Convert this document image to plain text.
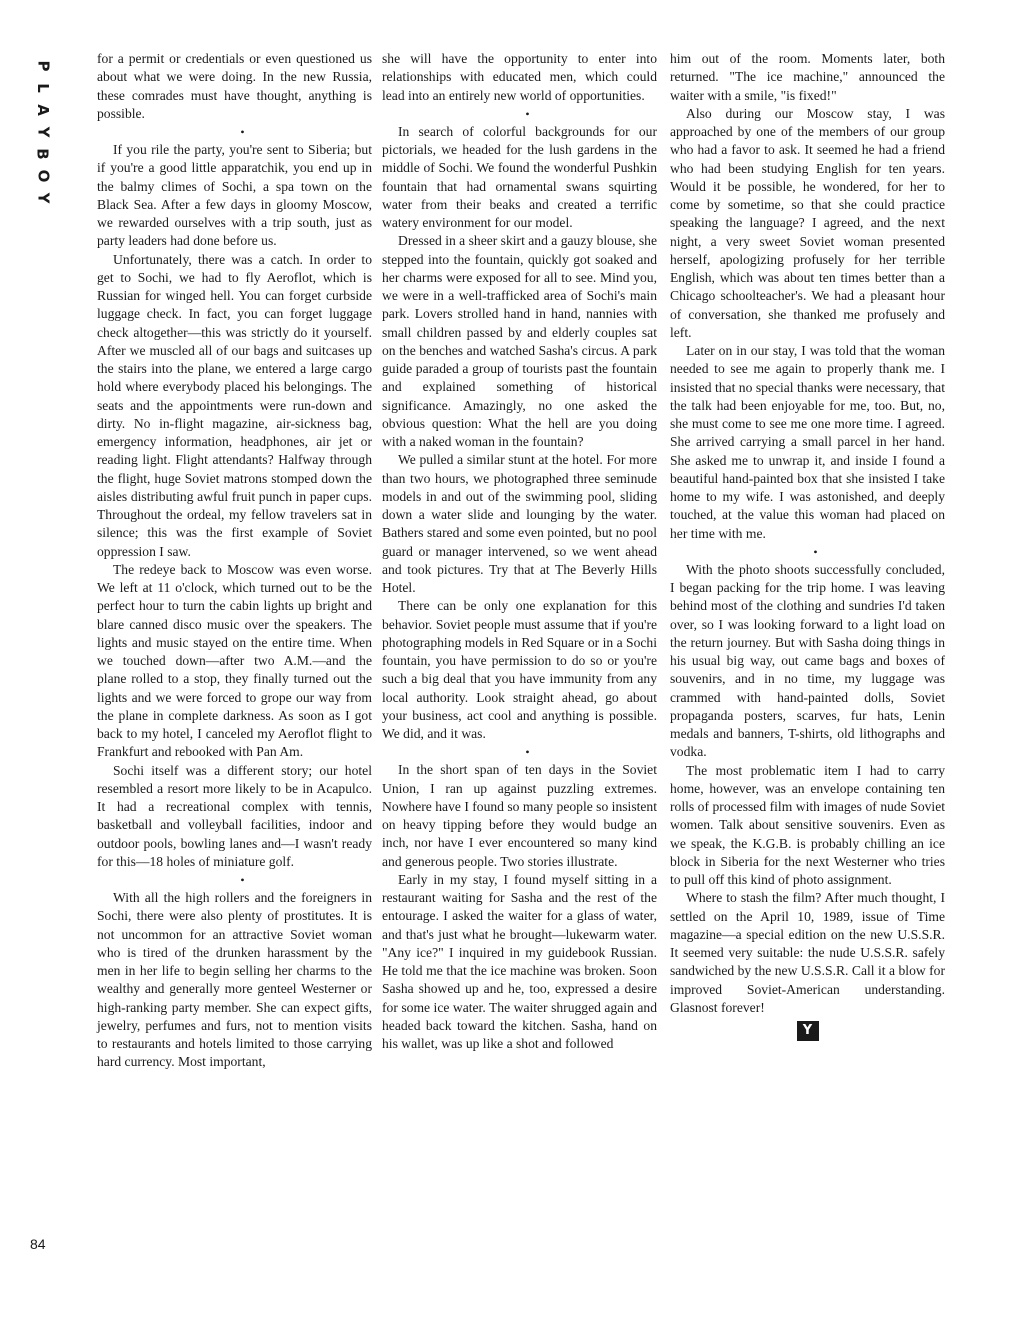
P
L
A
Y
B
O
Y
84

for a permit or credentials or even questioned us about what we were doing. In the new Russia, these comrades must have thought, anything is possible.

•

If you rile the party, you're sent to Siberia; but if you're a good little apparatchik, you end up in the balmy climes of Sochi, a spa town on the Black Sea. After a few days in gloomy Moscow, we rewarded ourselves with a trip south, just as party leaders had done before us.

Unfortunately, there was a catch. In order to get to Sochi, we had to fly Aeroflot, which is Russian for winged hell. You can forget curbside luggage check. In fact, you can forget luggage check altogether—this was strictly do it yourself. After we muscled all of our bags and suitcases up the stairs into the plane, we entered a large cargo hold where everybody placed his belongings. The seats and the appointments were run-down and dirty. No in-flight magazine, air-sickness bag, emergency information, headphones, air jet or reading light. Flight attendants? Halfway through the flight, huge Soviet matrons stomped down the aisles distributing awful fruit punch in paper cups. Throughout the ordeal, my fellow travelers sat in silence; this was the first example of Soviet oppression I saw.

The redeye back to Moscow was even worse. We left at 11 o'clock, which turned out to be the perfect hour to turn the cabin lights up bright and blare canned disco music over the speakers. The lights and music stayed on the entire time. When we touched down—after two A.M.—and the plane rolled to a stop, they finally turned out the lights and we were forced to grope our way from the plane in complete darkness. As soon as I got back to my hotel, I canceled my Aeroflot flight to Frankfurt and rebooked with Pan Am.

Sochi itself was a different story; our hotel resembled a resort more likely to be in Acapulco. It had a recreational complex with tennis, basketball and volleyball facilities, indoor and outdoor pools, bowling lanes and—I wasn't ready for this—18 holes of miniature golf.

•

With all the high rollers and the foreigners in Sochi, there were also plenty of prostitutes. It is not uncommon for an attractive Soviet woman who is tired of the drunken harassment by the men in her life to begin selling her charms to the wealthy and generally more genteel Westerner or high-ranking party member. She can expect gifts, jewelry, perfumes and furs, not to mention visits to restaurants and hotels limited to those carrying hard currency. Most important,

she will have the opportunity to enter into relationships with educated men, which could lead into an entirely new world of opportunities.

•

In search of colorful backgrounds for our pictorials, we headed for the lush gardens in the middle of Sochi. We found the wonderful Pushkin fountain that had ornamental swans squirting water from their beaks and created a terrific watery environment for our model.

Dressed in a sheer skirt and a gauzy blouse, she stepped into the fountain, quickly got soaked and her charms were exposed for all to see. Mind you, we were in a well-trafficked area of Sochi's main park. Lovers strolled hand in hand, nannies with small children passed by and elderly couples sat on the benches and watched Sasha's circus. A park guide paraded a group of tourists past the fountain and explained something of historical significance. Amazingly, no one asked the obvious question: What the hell are you doing with a naked woman in the fountain?

We pulled a similar stunt at the hotel. For more than two hours, we photographed three seminude models in and out of the swimming pool, sliding down a water slide and lounging by the water. Bathers stared and some even pointed, but no pool guard or manager intervened, so we went ahead and took pictures. Try that at The Beverly Hills Hotel.

There can be only one explanation for this behavior. Soviet people must assume that if you're photographing models in Red Square or in a Sochi fountain, you have permission to do so or you're such a big deal that you have immunity from any local authority. Look straight ahead, go about your business, act cool and anything is possible. We did, and it was.

•

In the short span of ten days in the Soviet Union, I ran up against puzzling extremes. Nowhere have I found so many people so insistent on heavy tipping before they would budge an inch, nor have I ever encountered so many kind and generous people. Two stories illustrate.

Early in my stay, I found myself sitting in a restaurant waiting for Sasha and the rest of the entourage. I asked the waiter for a glass of water, and that's just what he brought—lukewarm water. "Any ice?" I inquired in my guidebook Russian. He told me that the ice machine was broken. Soon Sasha showed up and he, too, expressed a desire for some ice water. The waiter shrugged again and headed back toward the kitchen. Sasha, hand on his wallet, was up like a shot and followed

him out of the room. Moments later, both returned. "The ice machine," announced the waiter with a smile, "is fixed!"

Also during our Moscow stay, I was approached by one of the members of our group who had a favor to ask. It seemed he had a friend who had been studying English for ten years. Would it be possible, he wondered, for her to come by sometime, so that she could practice speaking the language? I agreed, and the next night, a very sweet Soviet woman presented herself, apologizing profusely for her terrible English, which was about ten times better than a Chicago schoolteacher's. We had a pleasant hour of conversation, she thanked me profusely and left.

Later on in our stay, I was told that the woman needed to see me again to properly thank me. I insisted that no special thanks were necessary, that the talk had been enjoyable for me, too. But, no, she must come to see me one more time. I agreed. She arrived carrying a small parcel in her hand. She asked me to unwrap it, and inside I found a beautiful hand-painted box that she insisted I take home to my wife. I was astonished, and deeply touched, at the value this woman had placed on her time with me.

•

With the photo shoots successfully concluded, I began packing for the trip home. I was leaving behind most of the clothing and sundries I'd taken over, so I was looking forward to a light load on the return journey. But with Sasha doing things in his usual big way, out came bags and boxes of souvenirs, and in no time, my luggage was crammed with hand-painted dolls, Soviet propaganda posters, scarves, fur hats, Lenin medals and banners, T-shirts, old lithographs and vodka.

The most problematic item I had to carry home, however, was an envelope containing ten rolls of processed film with images of nude Soviet women. Talk about sensitive souvenirs. Even as we speak, the K.G.B. is probably chilling an ice block in Siberia for the next Westerner who tries to pull off this kind of photo assignment.

Where to stash the film? After much thought, I settled on the April 10, 1989, issue of Time magazine—a special edition on the new U.S.S.R. It seemed very suitable: the nude U.S.S.R. safely sandwiched by the new U.S.S.R. Call it a blow for improved Soviet-American understanding. Glasnost forever!

Y
